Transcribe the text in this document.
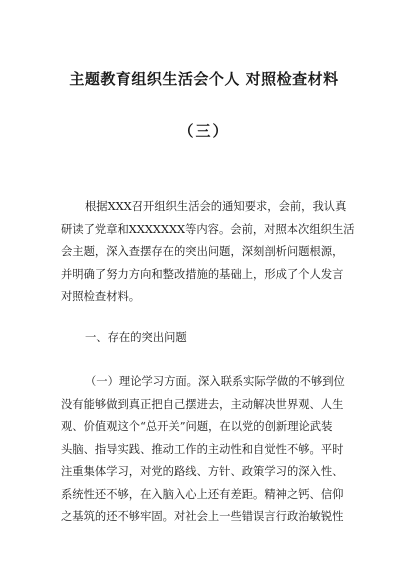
主题教育组织生活会个人 对照检查材料
（三）
根据XXX召开组织生活会的通知要求，会前，我认真
研读了党章和XXXXXXX等内容。会前，对照本次组织生活
会主题，深入查摆存在的突出问题，深刻剖析问题根源，
并明确了努力方向和整改措施的基础上，形成了个人发言
对照检查材料。
一、存在的突出问题
（一）理论学习方面。深入联系实际学做的不够到位
没有能够做到真正把自己摆进去，主动解决世界观、人生
观、价值观这个“总开关”问题，在以党的创新理论武装
头脑、指导实践、推动工作的主动性和自觉性不够。平时
注重集体学习，对党的路线、方针、政策学习的深入性、
系统性还不够，在入脑入心上还有差距。精神之钙、信仰
之基筑的还不够牢固。对社会上一些错误言行政治敏锐性
